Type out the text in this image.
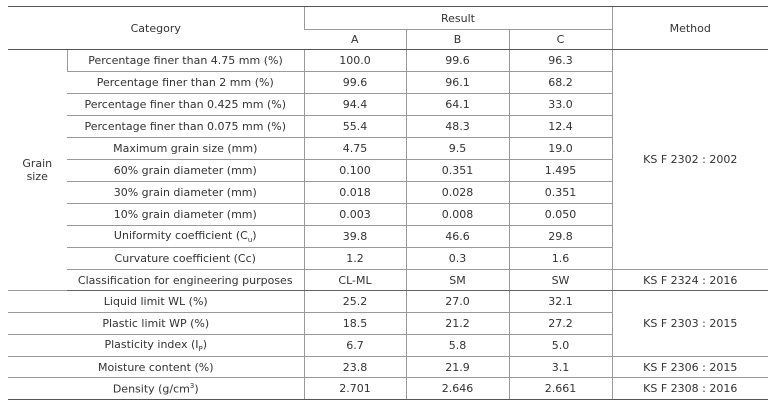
Category		Result			Method
		A	B	C	
Grain
size	Percentage finer than 4.75 mm (%)	100.0	99.6	96.3	KS F 2302 : 2002
	Percentage finer than 2 mm (%)	99.6	96.1	68.2	
	Percentage finer than 0.425 mm (%)	94.4	64.1	33.0	
	Percentage finer than 0.075 mm (%)	55.4	48.3	12.4	
	Maximum grain size (mm)	4.75	9.5	19.0	
	60% grain diameter (mm)	0.100	0.351	1.495	
	30% grain diameter (mm)	0.018	0.028	0.351	
	10% grain diameter (mm)	0.003	0.008	0.050	
	Uniformity coefficient $(C_u)$	39.8	46.6	29.8	
	Curvature coefficient (Cc)	1.2	0.3	1.6	
	Classification for engineering purposes	CL-ML	SM	SW	KS F 2324 : 2016
Liquid limit WL (%)		25.2	27.0	32.1	KS F 2303 : 2015
Plastic limit WP (%)		18.5	21.2	27.2	
Plasticity index $(I_P)$		6.7	5.8	5.0	
Moisture content (%)		23.8	21.9	3.1	KS F 2306 : 2015
Density $(g/cm^3)$		2.701	2.646	2.661	KS F 2308 : 2016
